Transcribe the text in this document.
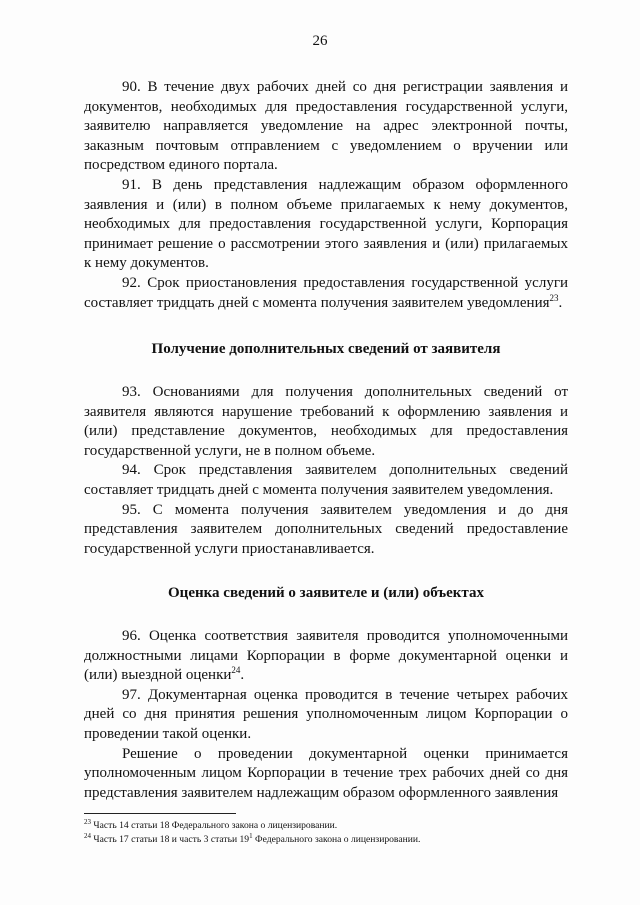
26

90. В течение двух рабочих дней со дня регистрации заявления и документов, необходимых для предоставления государственной услуги, заявителю направляется уведомление на адрес электронной почты, заказным почтовым отправлением с уведомлением о вручении или посредством единого портала.

91. В день представления надлежащим образом оформленного заявления и (или) в полном объеме прилагаемых к нему документов, необходимых для предоставления государственной услуги, Корпорация принимает решение о рассмотрении этого заявления и (или) прилагаемых к нему документов.

92. Срок приостановления предоставления государственной услуги составляет тридцать дней с момента получения заявителем уведомления$^{23}$.

Получение дополнительных сведений от заявителя

93. Основаниями для получения дополнительных сведений от заявителя являются нарушение требований к оформлению заявления и (или) представление документов, необходимых для предоставления государственной услуги, не в полном объеме.

94. Срок представления заявителем дополнительных сведений составляет тридцать дней с момента получения заявителем уведомления.

95. С момента получения заявителем уведомления и до дня представления заявителем дополнительных сведений предоставление государственной услуги приостанавливается.

Оценка сведений о заявителе и (или) объектах

96. Оценка соответствия заявителя проводится уполномоченными должностными лицами Корпорации в форме документарной оценки и (или) выездной оценки$^{24}$.

97. Документарная оценка проводится в течение четырех рабочих дней со дня принятия решения уполномоченным лицом Корпорации о проведении такой оценки.

Решение о проведении документарной оценки принимается уполномоченным лицом Корпорации в течение трех рабочих дней со дня представления заявителем надлежащим образом оформленного заявления

$^{23}$ Часть 14 статьи 18 Федерального закона о лицензировании.

$^{24}$ Часть 17 статьи 18 и часть 3 статьи $19^1$ Федерального закона о лицензировании.
